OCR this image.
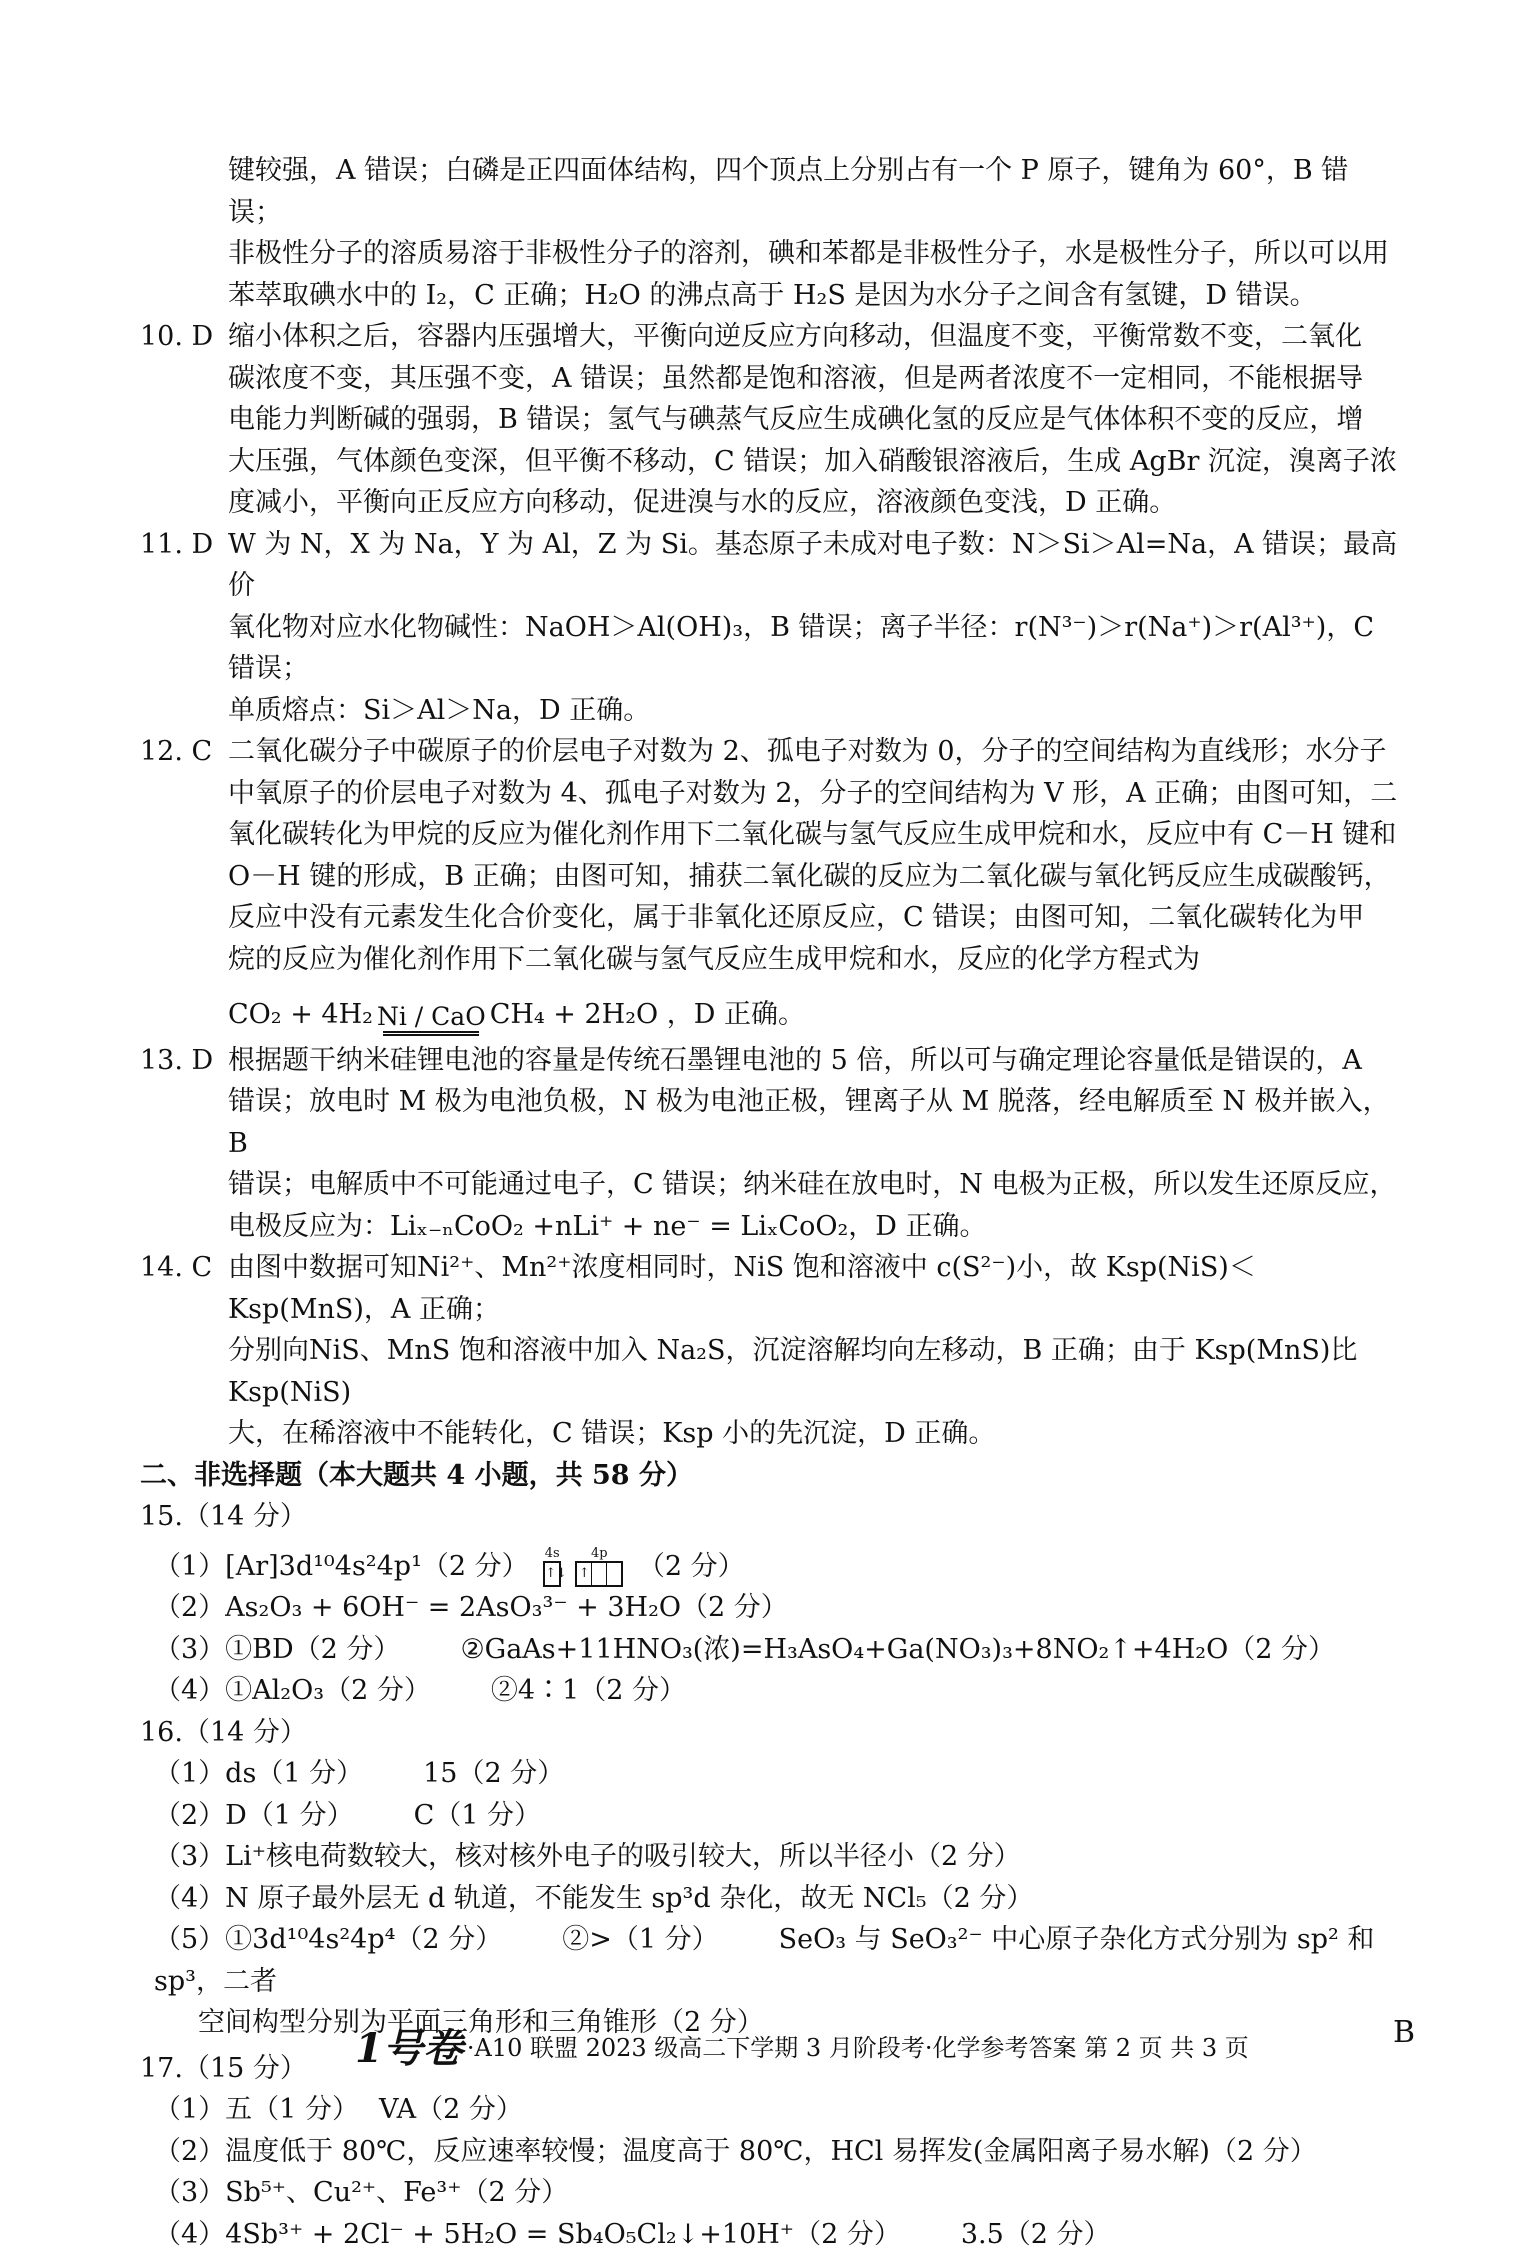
键较强，A 错误；白磷是正四面体结构，四个顶点上分别占有一个 P 原子，键角为 60°，B 错误；
非极性分子的溶质易溶于非极性分子的溶剂，碘和苯都是非极性分子，水是极性分子，所以可以用
苯萃取碘水中的 I₂，C 正确；H₂O 的沸点高于 H₂S 是因为水分子之间含有氢键，D 错误。
10. D 缩小体积之后，容器内压强增大，平衡向逆反应方向移动，但温度不变，平衡常数不变，二氧化
碳浓度不变，其压强不变，A 错误；虽然都是饱和溶液，但是两者浓度不一定相同，不能根据导
电能力判断碱的强弱，B 错误；氢气与碘蒸气反应生成碘化氢的反应是气体体积不变的反应，增
大压强，气体颜色变深，但平衡不移动，C 错误；加入硝酸银溶液后，生成 AgBr 沉淀，溴离子浓
度减小，平衡向正反应方向移动，促进溴与水的反应，溶液颜色变浅，D 正确。
11. D W 为 N，X 为 Na，Y 为 Al，Z 为 Si。基态原子未成对电子数：N＞Si＞Al=Na，A 错误；最高价
氧化物对应水化物碱性：NaOH＞Al(OH)₃，B 错误；离子半径：r(N³⁻)＞r(Na⁺)＞r(Al³⁺)，C 错误；
单质熔点：Si＞Al＞Na，D 正确。
12. C 二氧化碳分子中碳原子的价层电子对数为 2、孤电子对数为 0，分子的空间结构为直线形；水分子
中氧原子的价层电子对数为 4、孤电子对数为 2，分子的空间结构为 V 形，A 正确；由图可知，二
氧化碳转化为甲烷的反应为催化剂作用下二氧化碳与氢气反应生成甲烷和水，反应中有 C－H 键和
O－H 键的形成，B 正确；由图可知，捕获二氧化碳的反应为二氧化碳与氧化钙反应生成碳酸钙，
反应中没有元素发生化合价变化，属于非氧化还原反应，C 错误；由图可知，二氧化碳转化为甲
烷的反应为催化剂作用下二氧化碳与氢气反应生成甲烷和水，反应的化学方程式为
CO₂ + 4H₂ Ni / CaO CH₄ + 2H₂O ，D 正确。
13. D 根据题干纳米硅锂电池的容量是传统石墨锂电池的 5 倍，所以可与确定理论容量低是错误的，A
错误；放电时 M 极为电池负极，N 极为电池正极，锂离子从 M 脱落，经电解质至 N 极并嵌入，B
错误；电解质中不可能通过电子，C 错误；纳米硅在放电时，N 电极为正极，所以发生还原反应，
电极反应为：Liₓ₋ₙCoO₂ +nLi⁺ + ne⁻ = LiₓCoO₂，D 正确。
14. C 由图中数据可知Ni²⁺、Mn²⁺浓度相同时，NiS 饱和溶液中 c(S²⁻)小，故 Ksp(NiS)＜Ksp(MnS)，A 正确；
分别向NiS、MnS 饱和溶液中加入 Na₂S，沉淀溶解均向左移动，B 正确；由于 Ksp(MnS)比 Ksp(NiS)
大，在稀溶液中不能转化，C 错误；Ksp 小的先沉淀，D 正确。
二、非选择题（本大题共 4 小题，共 58 分）
15.（14 分）
（1）[Ar]3d¹⁰4s²4p¹（2 分） 4s
↑↓
4p
↑ （2 分）
（2）As₂O₃ + 6OH⁻ = 2AsO₃³⁻ + 3H₂O（2 分）
（3）①BD（2 分） ②GaAs+11HNO₃(浓)=H₃AsO₄+Ga(NO₃)₃+8NO₂↑+4H₂O（2 分）
（4）①Al₂O₃（2 分） ②4∶1（2 分）
16.（14 分）
（1）ds（1 分） 15（2 分）
（2）D（1 分） C（1 分）
（3）Li⁺核电荷数较大，核对核外电子的吸引较大，所以半径小（2 分）
（4）N 原子最外层无 d 轨道，不能发生 sp³d 杂化，故无 NCl₅（2 分）
（5）①3d¹⁰4s²4p⁴（2 分） ②>（1 分） SeO₃ 与 SeO₃²⁻ 中心原子杂化方式分别为 sp² 和 sp³，二者
空间构型分别为平面三角形和三角锥形（2 分）
17.（15 分）
（1）五（1 分） VA（2 分）
（2）温度低于 80℃，反应速率较慢；温度高于 80℃，HCl 易挥发(金属阳离子易水解)（2 分）
（3）Sb⁵⁺、Cu²⁺、Fe³⁺（2 分）
（4）4Sb³⁺ + 2Cl⁻ + 5H₂O = Sb₄O₅Cl₂↓+10H⁺（2 分） 3.5（2 分）
1号卷 ·A10 联盟 2023 级高二下学期 3 月阶段考·化学参考答案 第 2 页 共 3 页	B
